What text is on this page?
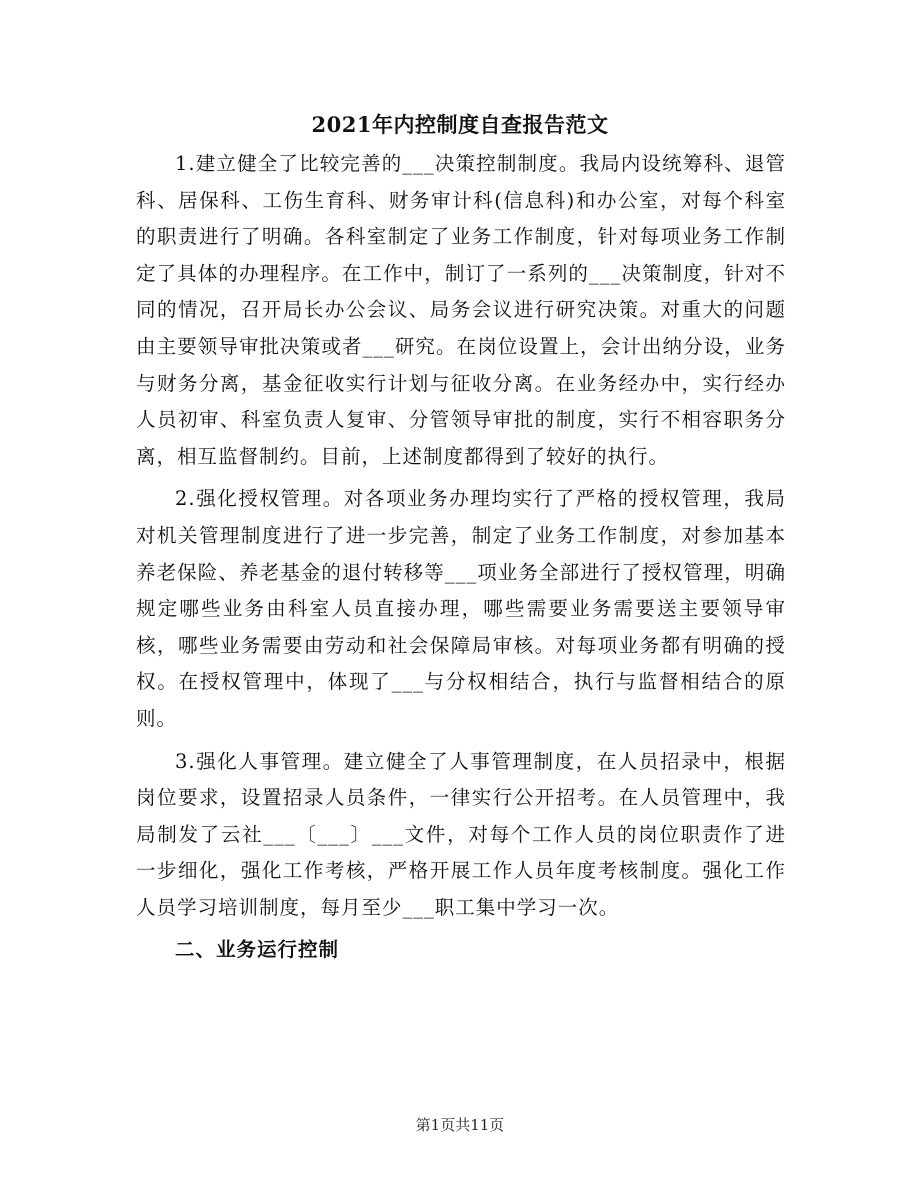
2021年内控制度自查报告范文

1.建立健全了比较完善的___决策控制制度。我局内设统筹科、退管科、居保科、工伤生育科、财务审计科(信息科)和办公室，对每个科室的职责进行了明确。各科室制定了业务工作制度，针对每项业务工作制定了具体的办理程序。在工作中，制订了一系列的___决策制度，针对不同的情况，召开局长办公会议、局务会议进行研究决策。对重大的问题由主要领导审批决策或者___研究。在岗位设置上，会计出纳分设，业务与财务分离，基金征收实行计划与征收分离。在业务经办中，实行经办人员初审、科室负责人复审、分管领导审批的制度，实行不相容职务分离，相互监督制约。目前，上述制度都得到了较好的执行。

2.强化授权管理。对各项业务办理均实行了严格的授权管理，我局对机关管理制度进行了进一步完善，制定了业务工作制度，对参加基本养老保险、养老基金的退付转移等___项业务全部进行了授权管理，明确规定哪些业务由科室人员直接办理，哪些需要业务需要送主要领导审核，哪些业务需要由劳动和社会保障局审核。对每项业务都有明确的授权。在授权管理中，体现了___与分权相结合，执行与监督相结合的原则。

3.强化人事管理。建立健全了人事管理制度，在人员招录中，根据岗位要求，设置招录人员条件，一律实行公开招考。在人员管理中，我局制发了云社___〔___〕___文件，对每个工作人员的岗位职责作了进一步细化，强化工作考核，严格开展工作人员年度考核制度。强化工作人员学习培训制度，每月至少___职工集中学习一次。

二、业务运行控制

第1页共11页
